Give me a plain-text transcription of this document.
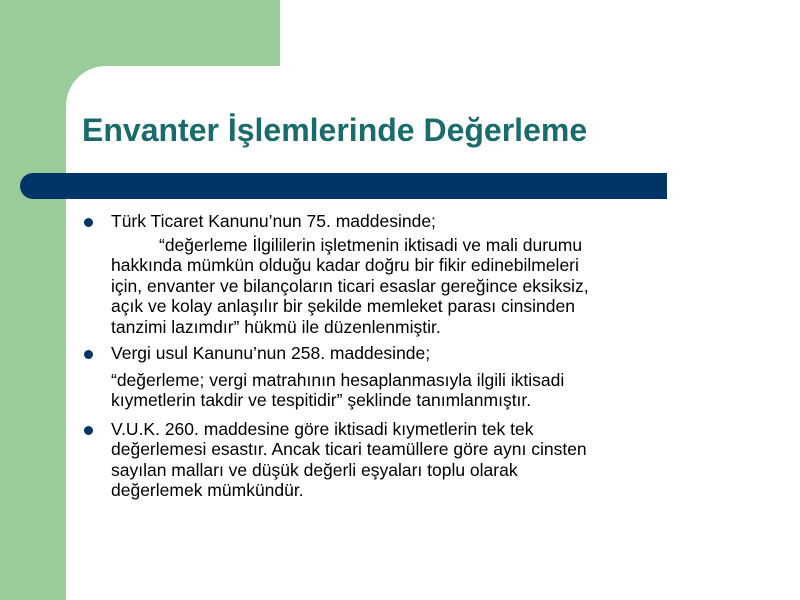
Envanter İşlemlerinde Değerleme
Türk Ticaret Kanunu’nun 75. maddesinde;
“değerleme İlgililerin işletmenin iktisadi ve mali durumu
hakkında mümkün olduğu kadar doğru bir fikir edinebilmeleri
için, envanter ve bilançoların ticari esaslar gereğince eksiksiz,
açık ve kolay anlaşılır bir şekilde memleket parası cinsinden
tanzimi lazımdır” hükmü ile düzenlenmiştir.
Vergi usul Kanunu’nun 258. maddesinde;
“değerleme; vergi matrahının hesaplanmasıyla ilgili iktisadi
kıymetlerin takdir ve tespitidir” şeklinde tanımlanmıştır.
V.U.K. 260. maddesine göre iktisadi kıymetlerin tek tek
değerlemesi esastır. Ancak ticari teamüllere göre aynı cinsten
sayılan malları ve düşük değerli eşyaları toplu olarak
değerlemek mümkündür.
